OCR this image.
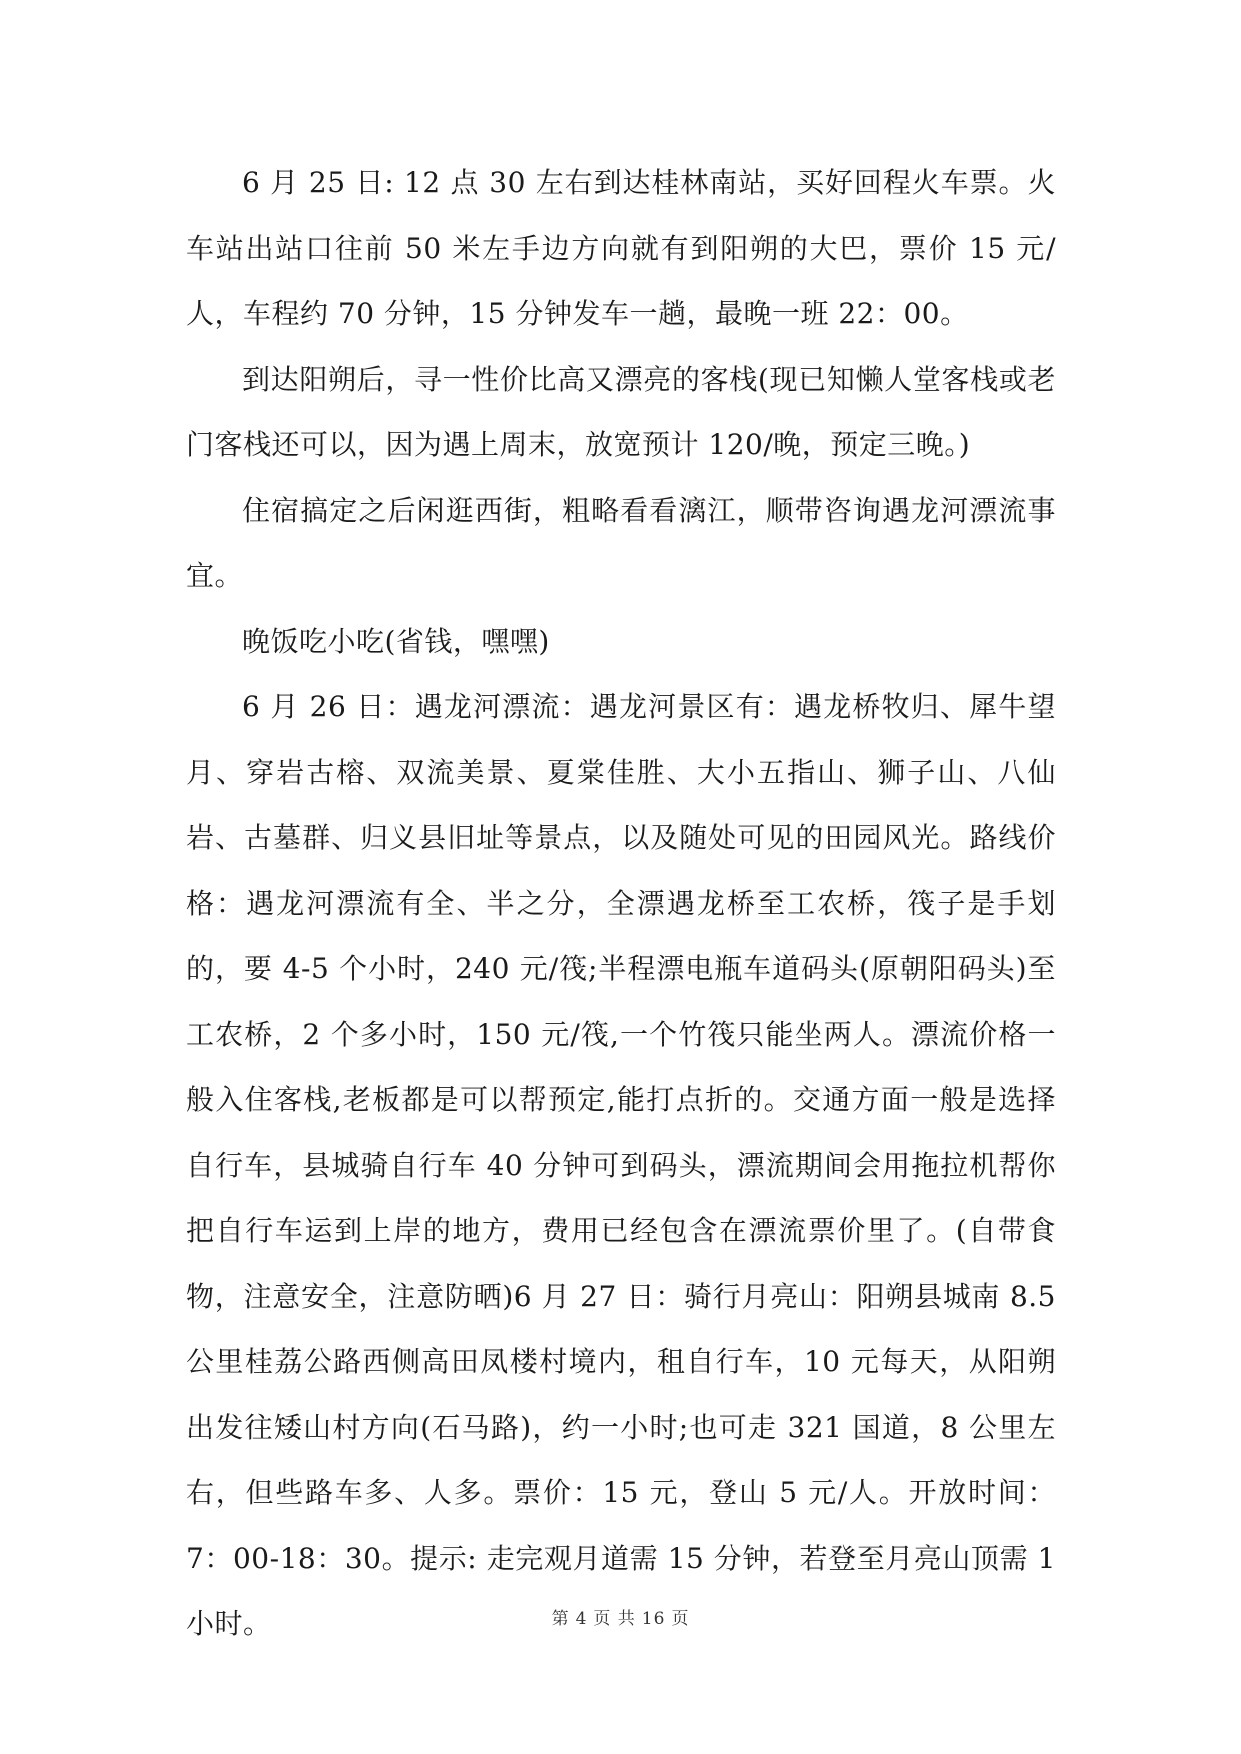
6 月 25 日: 12 点 30 左右到达桂林南站，买好回程火车票。火车站出站口往前 50 米左手边方向就有到阳朔的大巴，票价 15 元/人，车程约 70 分钟，15 分钟发车一趟，最晚一班 22：00。

到达阳朔后，寻一性价比高又漂亮的客栈(现已知懒人堂客栈或老门客栈还可以，因为遇上周末，放宽预计 120/晚，预定三晚。)

住宿搞定之后闲逛西街，粗略看看漓江，顺带咨询遇龙河漂流事宜。

晚饭吃小吃(省钱，嘿嘿)

6 月 26 日：遇龙河漂流：遇龙河景区有：遇龙桥牧归、犀牛望月、穿岩古榕、双流美景、夏棠佳胜、大小五指山、狮子山、八仙岩、古墓群、归义县旧址等景点，以及随处可见的田园风光。路线价格：遇龙河漂流有全、半之分，全漂遇龙桥至工农桥，筏子是手划的，要 4-5 个小时，240 元/筏;半程漂电瓶车道码头(原朝阳码头)至工农桥，2 个多小时，150 元/筏,一个竹筏只能坐两人。漂流价格一般入住客栈,老板都是可以帮预定,能打点折的。交通方面一般是选择自行车，县城骑自行车 40 分钟可到码头，漂流期间会用拖拉机帮你把自行车运到上岸的地方，费用已经包含在漂流票价里了。(自带食物，注意安全，注意防晒)6 月 27 日：骑行月亮山：阳朔县城南 8.5 公里桂荔公路西侧高田凤楼村境内，租自行车，10 元每天，从阳朔出发往矮山村方向(石马路)，约一小时;也可走 321 国道，8 公里左右，但些路车多、人多。票价：15 元，登山 5 元/人。开放时间：7：00-18：30。提示: 走完观月道需 15 分钟，若登至月亮山顶需 1 小时。	第 4 页 共 16 页
